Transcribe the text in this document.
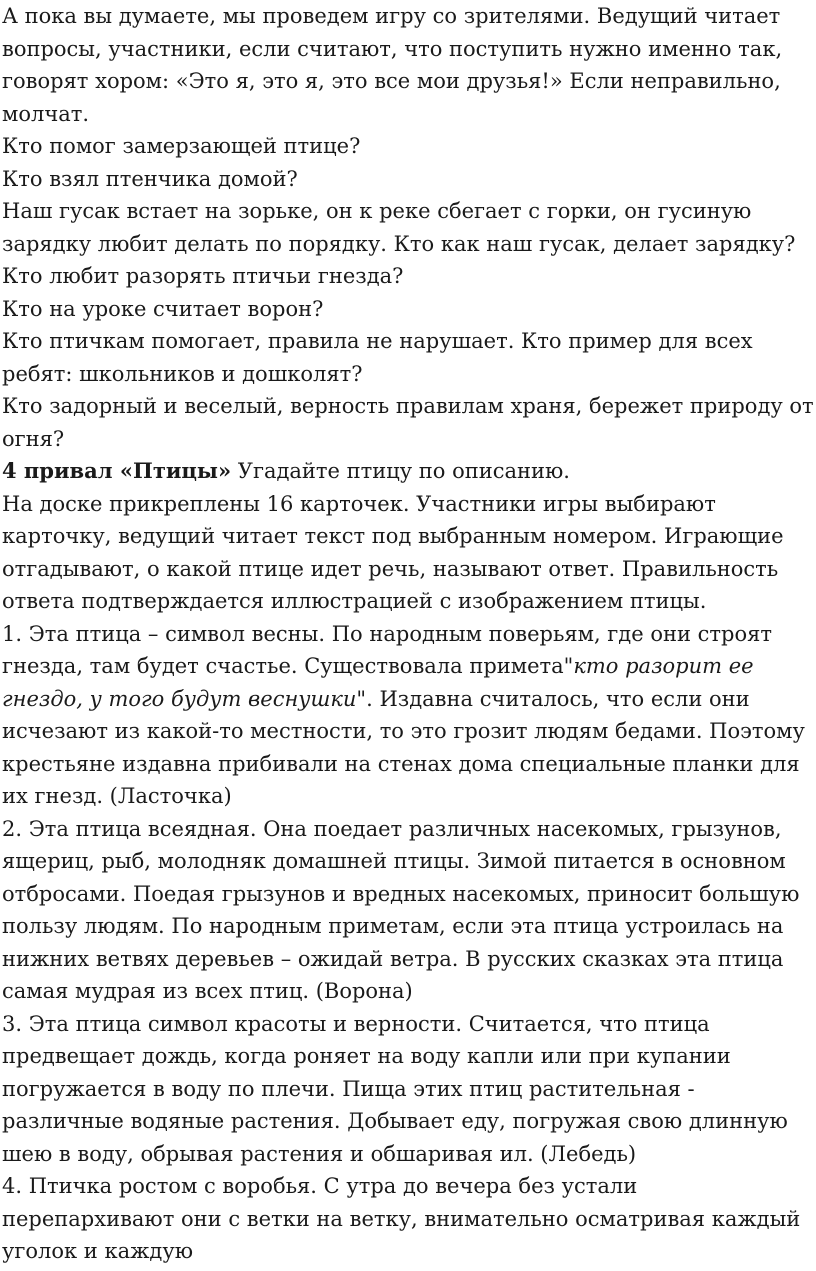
А пока вы думаете, мы проведем игру со зрителями. Ведущий читает вопросы, участники, если считают, что поступить нужно именно так, говорят хором: «Это я, это я, это все мои друзья!» Если неправильно, молчат.

Кто помог замерзающей птице?

Кто взял птенчика домой?

Наш гусак встает на зорьке, он к реке сбегает с горки, он гусиную зарядку любит делать по порядку. Кто как наш гусак, делает зарядку?

Кто любит разорять птичьи гнезда?

Кто на уроке считает ворон?

Кто птичкам помогает, правила не нарушает. Кто пример для всех ребят: школьников и дошколят?

Кто задорный и веселый, верность правилам храня, бережет природу от огня?

4 привал «Птицы» Угадайте птицу по описанию.

На доске прикреплены 16 карточек. Участники игры выбирают карточку, ведущий читает текст под выбранным номером. Играющие отгадывают, о какой птице идет речь, называют ответ. Правильность ответа подтверждается иллюстрацией с изображением птицы.

1. Эта птица – символ весны. По народным поверьям, где они строят гнезда, там будет счастье. Существовала примета"кто разорит ее гнездо, у того будут веснушки". Издавна считалось, что если они исчезают из какой-то местности, то это грозит людям бедами. Поэтому крестьяне издавна прибивали на стенах дома специальные планки для их гнезд. (Ласточка)

2. Эта птица всеядная. Она поедает различных насекомых, грызунов, ящериц, рыб, молодняк домашней птицы. Зимой питается в основном отбросами. Поедая грызунов и вредных насекомых, приносит большую пользу людям. По народным приметам, если эта птица устроилась на нижних ветвях деревьев – ожидай ветра. В русских сказках эта птица самая мудрая из всех птиц. (Ворона)

3. Эта птица символ красоты и верности. Считается, что птица предвещает дождь, когда роняет на воду капли или при купании погружается в воду по плечи. Пища этих птиц растительная - различные водяные растения. Добывает еду, погружая свою длинную шею в воду, обрывая растения и обшаривая ил. (Лебедь)

4. Птичка ростом с воробья. С утра до вечера без устали перепархивают они с ветки на ветку, внимательно осматривая каждый уголок и каждую
